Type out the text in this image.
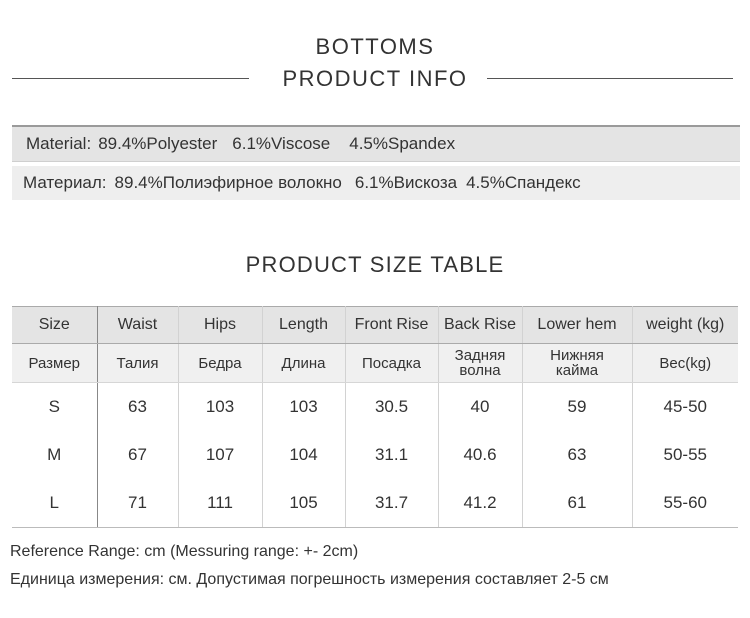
BOTTOMS
PRODUCT INFO
Material: 89.4%Polyester 6.1%Viscose 4.5%Spandex
Материал: 89.4%Полиэфирное волокно 6.1%Вискоза 4.5%Спандекс
PRODUCT SIZE TABLE
Size	Waist	Hips	Length	Front Rise	Back Rise	Lower hem	weight (kg)
Размер	Талия	Бедра	Длина	Посадка	Задняя волна	Нижняя кайма	Вес(kg)
S	63	103	103	30.5	40	59	45-50
M	67	107	104	31.1	40.6	63	50-55
L	71	111	105	31.7	41.2	61	55-60
Reference Range: cm (Messuring range: +- 2cm)
Единица измерения: см. Допустимая погрешность измерения составляет 2-5 см
